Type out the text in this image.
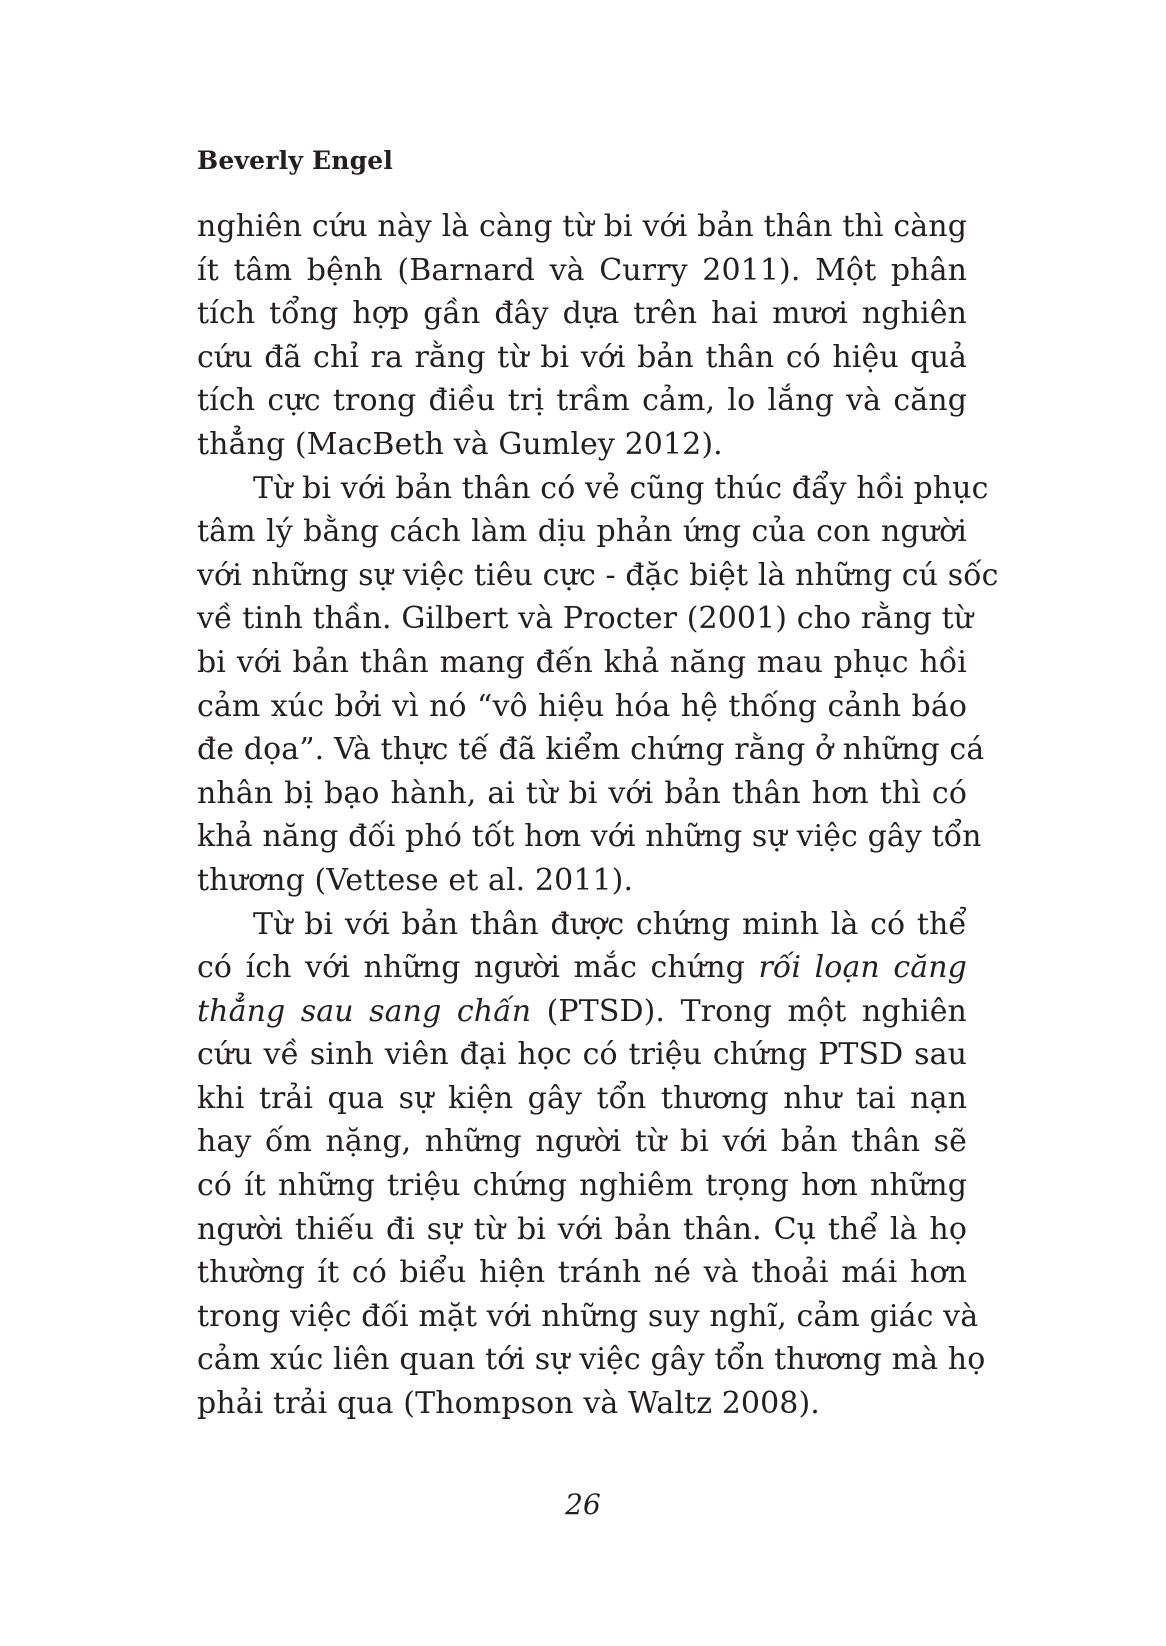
Beverly Engel

nghiên cứu này là càng từ bi với bản thân thì càng
ít tâm bệnh (Barnard và Curry 2011). Một phân
tích tổng hợp gần đây dựa trên hai mươi nghiên
cứu đã chỉ ra rằng từ bi với bản thân có hiệu quả
tích cực trong điều trị trầm cảm, lo lắng và căng
thẳng (MacBeth và Gumley 2012).

Từ bi với bản thân có vẻ cũng thúc đẩy hồi phục
tâm lý bằng cách làm dịu phản ứng của con người
với những sự việc tiêu cực - đặc biệt là những cú sốc
về tinh thần. Gilbert và Procter (2001) cho rằng từ
bi với bản thân mang đến khả năng mau phục hồi
cảm xúc bởi vì nó “vô hiệu hóa hệ thống cảnh báo
đe dọa”. Và thực tế đã kiểm chứng rằng ở những cá
nhân bị bạo hành, ai từ bi với bản thân hơn thì có
khả năng đối phó tốt hơn với những sự việc gây tổn
thương (Vettese et al. 2011).

Từ bi với bản thân được chứng minh là có thể
có ích với những người mắc chứng rối loạn căng
thẳng sau sang chấn (PTSD). Trong một nghiên
cứu về sinh viên đại học có triệu chứng PTSD sau
khi trải qua sự kiện gây tổn thương như tai nạn
hay ốm nặng, những người từ bi với bản thân sẽ
có ít những triệu chứng nghiêm trọng hơn những
người thiếu đi sự từ bi với bản thân. Cụ thể là họ
thường ít có biểu hiện tránh né và thoải mái hơn
trong việc đối mặt với những suy nghĩ, cảm giác và
cảm xúc liên quan tới sự việc gây tổn thương mà họ
phải trải qua (Thompson và Waltz 2008).

26
